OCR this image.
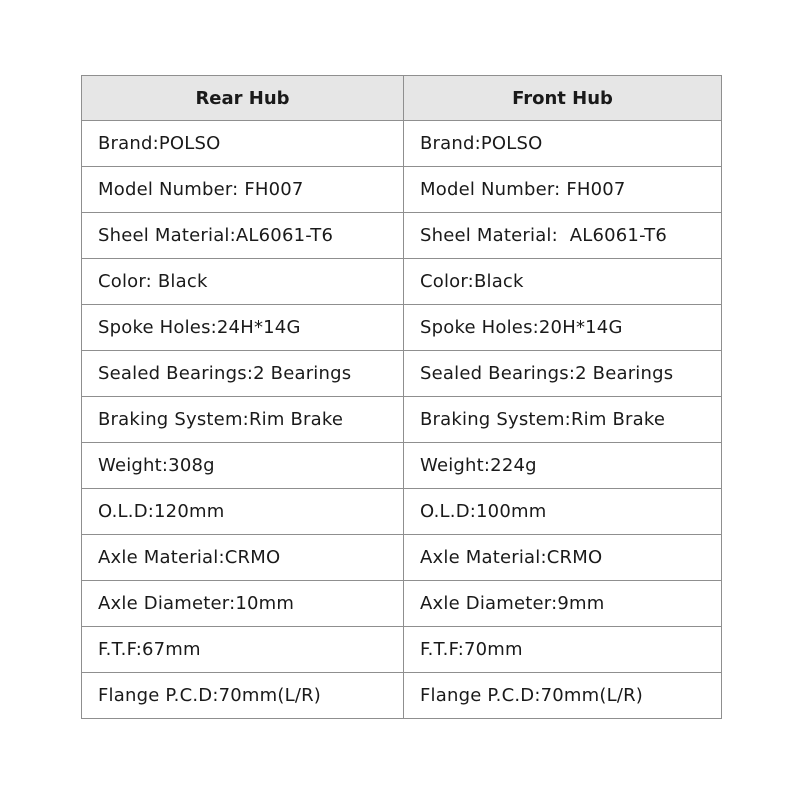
Rear Hub	Front Hub
Brand:POLSO	Brand:POLSO
Model Number: FH007	Model Number: FH007
Sheel Material:AL6061-T6	Sheel Material:  AL6061-T6
Color: Black	Color:Black
Spoke Holes:24H*14G	Spoke Holes:20H*14G
Sealed Bearings:2 Bearings	Sealed Bearings:2 Bearings
Braking System:Rim Brake	Braking System:Rim Brake
Weight:308g	Weight:224g
O.L.D:120mm	O.L.D:100mm
Axle Material:CRMO	Axle Material:CRMO
Axle Diameter:10mm	Axle Diameter:9mm
F.T.F:67mm	F.T.F:70mm
Flange P.C.D:70mm(L/R)	Flange P.C.D:70mm(L/R)
